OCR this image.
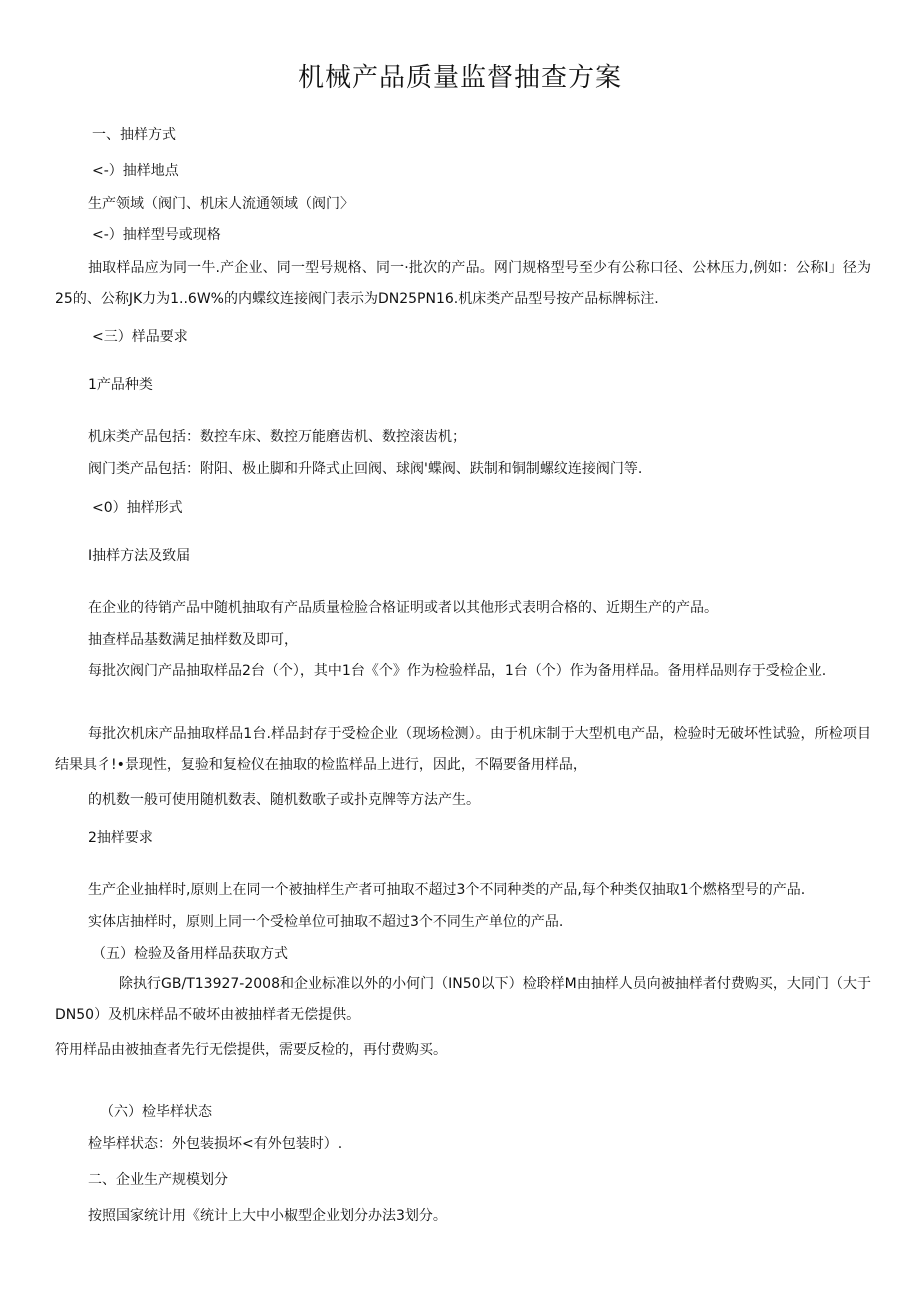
机械产品质量监督抽查方案
一、抽样方式
<-）抽样地点
生产领域（阀门、机床人流通领域（阀门〉
<-）抽样型号或现格

抽取样品应为同一牛.产企业、同一型号规格、同一·批次的产品。网门规格型号至少有公称口径、公林压力,例如：公称I」径为25的、公称JK力为1..6W%的内蝶纹连接阀门表示为DN25PN16.机床类产品型号按产品标牌标注.

<三）样品要求
1产品种类
机床类产品包括：数控车床、数控万能磨齿机、数控滚齿机；
阀门类产品包括：附阳、极止脚和升降式止回阀、球阀'蝶阀、趺制和铜制螺纹连接阀门等.
<0）抽样形式
I抽样方法及致届
在企业的待销产品中随机抽取有产品质量检脸合格证明或者以其他形式表明合格的、近期生产的产品。
抽查样品基数满足抽样数及即可，

每批次阀门产品抽取样品2台（个），其中1台《个》作为检验样品，1台（个）作为备用样品。备用样品则存于受检企业.

每批次机床产品抽取样品1台.样品封存于受检企业（现场检测）。由于机床制于大型机电产品，检验时无破坏性试验，所检项目结果具彳!•景现性，复验和复检仪在抽取的检监样品上进行，因此，不隔要备用样品，

的机数一般可使用随机数表、随机数歌子或扑克牌等方法产生。
2抽样要求
生产企业抽样时,原则上在同一个被抽样生产者可抽取不超过3个不同种类的产品,每个种类仅抽取1个燃格型号的产品.
实体店抽样时，原则上同一个受检单位可抽取不超过3个不同生产单位的产品.
（五）检验及备用样品获取方式

除执行GB/T13927-2008和企业标准以外的小何门（IN50以下）检聆样M由抽样人员向被抽样者付费购买，大同门（大于DN50）及机床样品不破坏由被抽样者无偿提供。

符用样品由被抽查者先行无偿提供，需要反检的，再付费购买。
（六）检毕样状态
检毕样状态：外包装损坏<有外包装时）.
二、企业生产规模划分
按照国家统计用《统计上大中小椒型企业划分办法3划分。
